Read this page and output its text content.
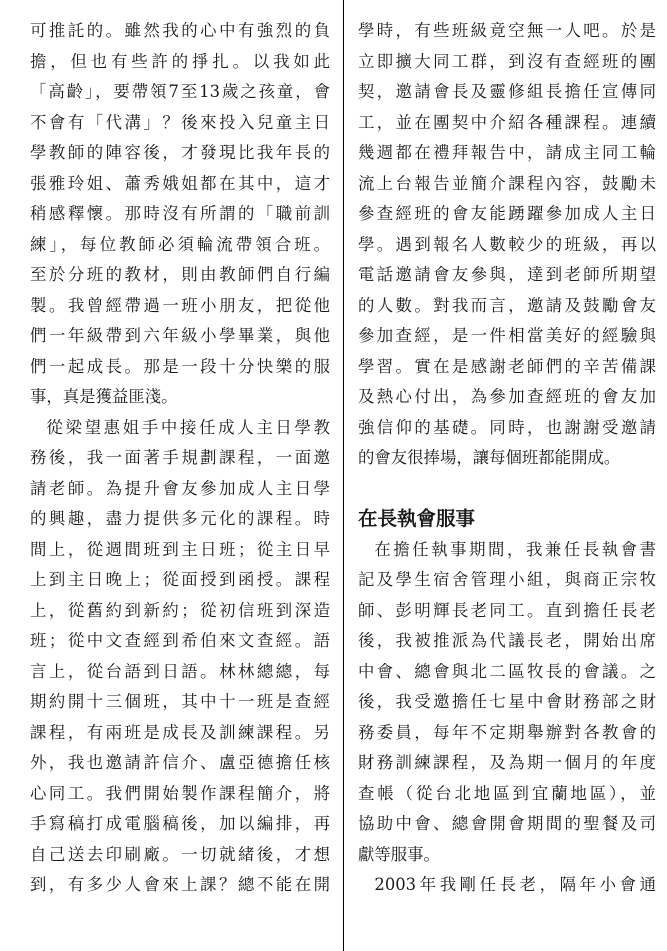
可推託的。雖然我的心中有強烈的負
擔，但也有些許的掙扎。以我如此
「高齡」，要帶領7至13歲之孩童，會
不會有「代溝」？後來投入兒童主日
學教師的陣容後，才發現比我年長的
張雅玲姐、蕭秀娥姐都在其中，這才
稍感釋懷。那時沒有所謂的「職前訓
練」，每位教師必須輪流帶領合班。
至於分班的教材，則由教師們自行編
製。我曾經帶過一班小朋友，把從他
們一年級帶到六年級小學畢業，與他
們一起成長。那是一段十分快樂的服
事，真是獲益匪淺。
從梁望惠姐手中接任成人主日學教
務後，我一面著手規劃課程，一面邀
請老師。為提升會友參加成人主日學
的興趣，盡力提供多元化的課程。時
間上，從週間班到主日班；從主日早
上到主日晚上；從面授到函授。課程
上，從舊約到新約；從初信班到深造
班；從中文查經到希伯來文查經。語
言上，從台語到日語。林林總總，每
期約開十三個班，其中十一班是查經
課程，有兩班是成長及訓練課程。另
外，我也邀請許信介、盧亞德擔任核
心同工。我們開始製作課程簡介，將
手寫稿打成電腦稿後，加以編排，再
自己送去印刷廠。一切就緒後，才想
到，有多少人會來上課？總不能在開
學時，有些班級竟空無一人吧。於是
立即擴大同工群，到沒有查經班的團
契，邀請會長及靈修組長擔任宣傳同
工，並在團契中介紹各種課程。連續
幾週都在禮拜報告中，請成主同工輪
流上台報告並簡介課程內容，鼓勵未
參查經班的會友能踴躍參加成人主日
學。遇到報名人數較少的班級，再以
電話邀請會友參與，達到老師所期望
的人數。對我而言，邀請及鼓勵會友
參加查經，是一件相當美好的經驗與
學習。實在是感謝老師們的辛苦備課
及熱心付出，為參加查經班的會友加
強信仰的基礎。同時，也謝謝受邀請
的會友很捧場，讓每個班都能開成。
在長執會服事
在擔任執事期間，我兼任長執會書
記及學生宿舍管理小組，與商正宗牧
師、彭明輝長老同工。直到擔任長老
後，我被推派為代議長老，開始出席
中會、總會與北二區牧長的會議。之
後，我受邀擔任七星中會財務部之財
務委員，每年不定期舉辦對各教會的
財務訓練課程，及為期一個月的年度
查帳（從台北地區到宜蘭地區），並
協助中會、總會開會期間的聖餐及司
獻等服事。
2003年我剛任長老，隔年小會通
